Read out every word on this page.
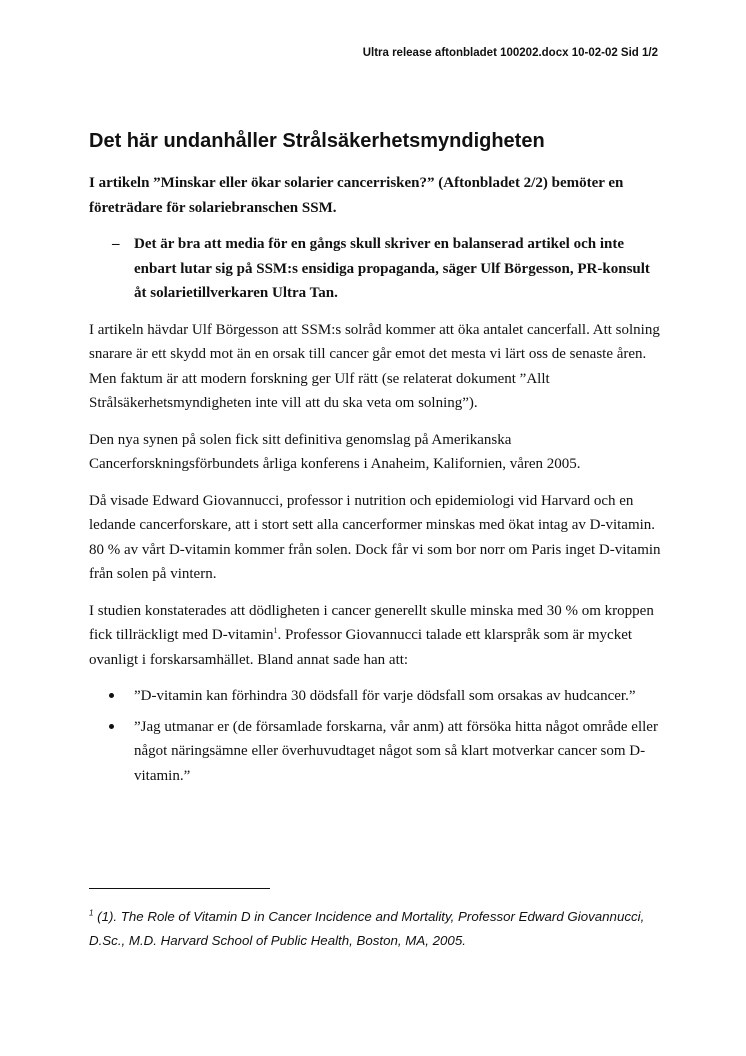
Ultra release aftonbladet 100202.docx 10-02-02 Sid 1/2
Det här undanhåller Strålsäkerhetsmyndigheten

I artikeln ”Minskar eller ökar solarier cancerrisken?” (Aftonbladet 2/2) bemöter en företrädare för solariebranschen SSM.

– Det är bra att media för en gångs skull skriver en balanserad artikel och inte enbart lutar sig på SSM:s ensidiga propaganda, säger Ulf Börgesson, PR-konsult åt solarietillverkaren Ultra Tan.

I artikeln hävdar Ulf Börgesson att SSM:s solråd kommer att öka antalet cancerfall. Att solning snarare är ett skydd mot än en orsak till cancer går emot det mesta vi lärt oss de senaste åren. Men faktum är att modern forskning ger Ulf rätt (se relaterat dokument ”Allt Strålsäkerhetsmyndigheten inte vill att du ska veta om solning”).

Den nya synen på solen fick sitt definitiva genomslag på Amerikanska Cancerforskningsförbundets årliga konferens i Anaheim, Kalifornien, våren 2005.

Då visade Edward Giovannucci, professor i nutrition och epidemiologi vid Harvard och en ledande cancerforskare, att i stort sett alla cancerformer minskas med ökat intag av D-vitamin. 80 % av vårt D-vitamin kommer från solen. Dock får vi som bor norr om Paris inget D-vitamin från solen på vintern.

I studien konstaterades att dödligheten i cancer generellt skulle minska med 30 % om kroppen fick tillräckligt med D-vitamin$^1$. Professor Giovannucci talade ett klarspråk som är mycket ovanligt i forskarsamhället. Bland annat sade han att:

”D-vitamin kan förhindra 30 dödsfall för varje dödsfall som orsakas av hudcancer.”

”Jag utmanar er (de församlade forskarna, vår anm) att försöka hitta något område eller något näringsämne eller överhuvudtaget något som så klart motverkar cancer som D-vitamin.”

$^1$ (1). The Role of Vitamin D in Cancer Incidence and Mortality, Professor Edward Giovannucci, D.Sc., M.D. Harvard School of Public Health, Boston, MA, 2005.
